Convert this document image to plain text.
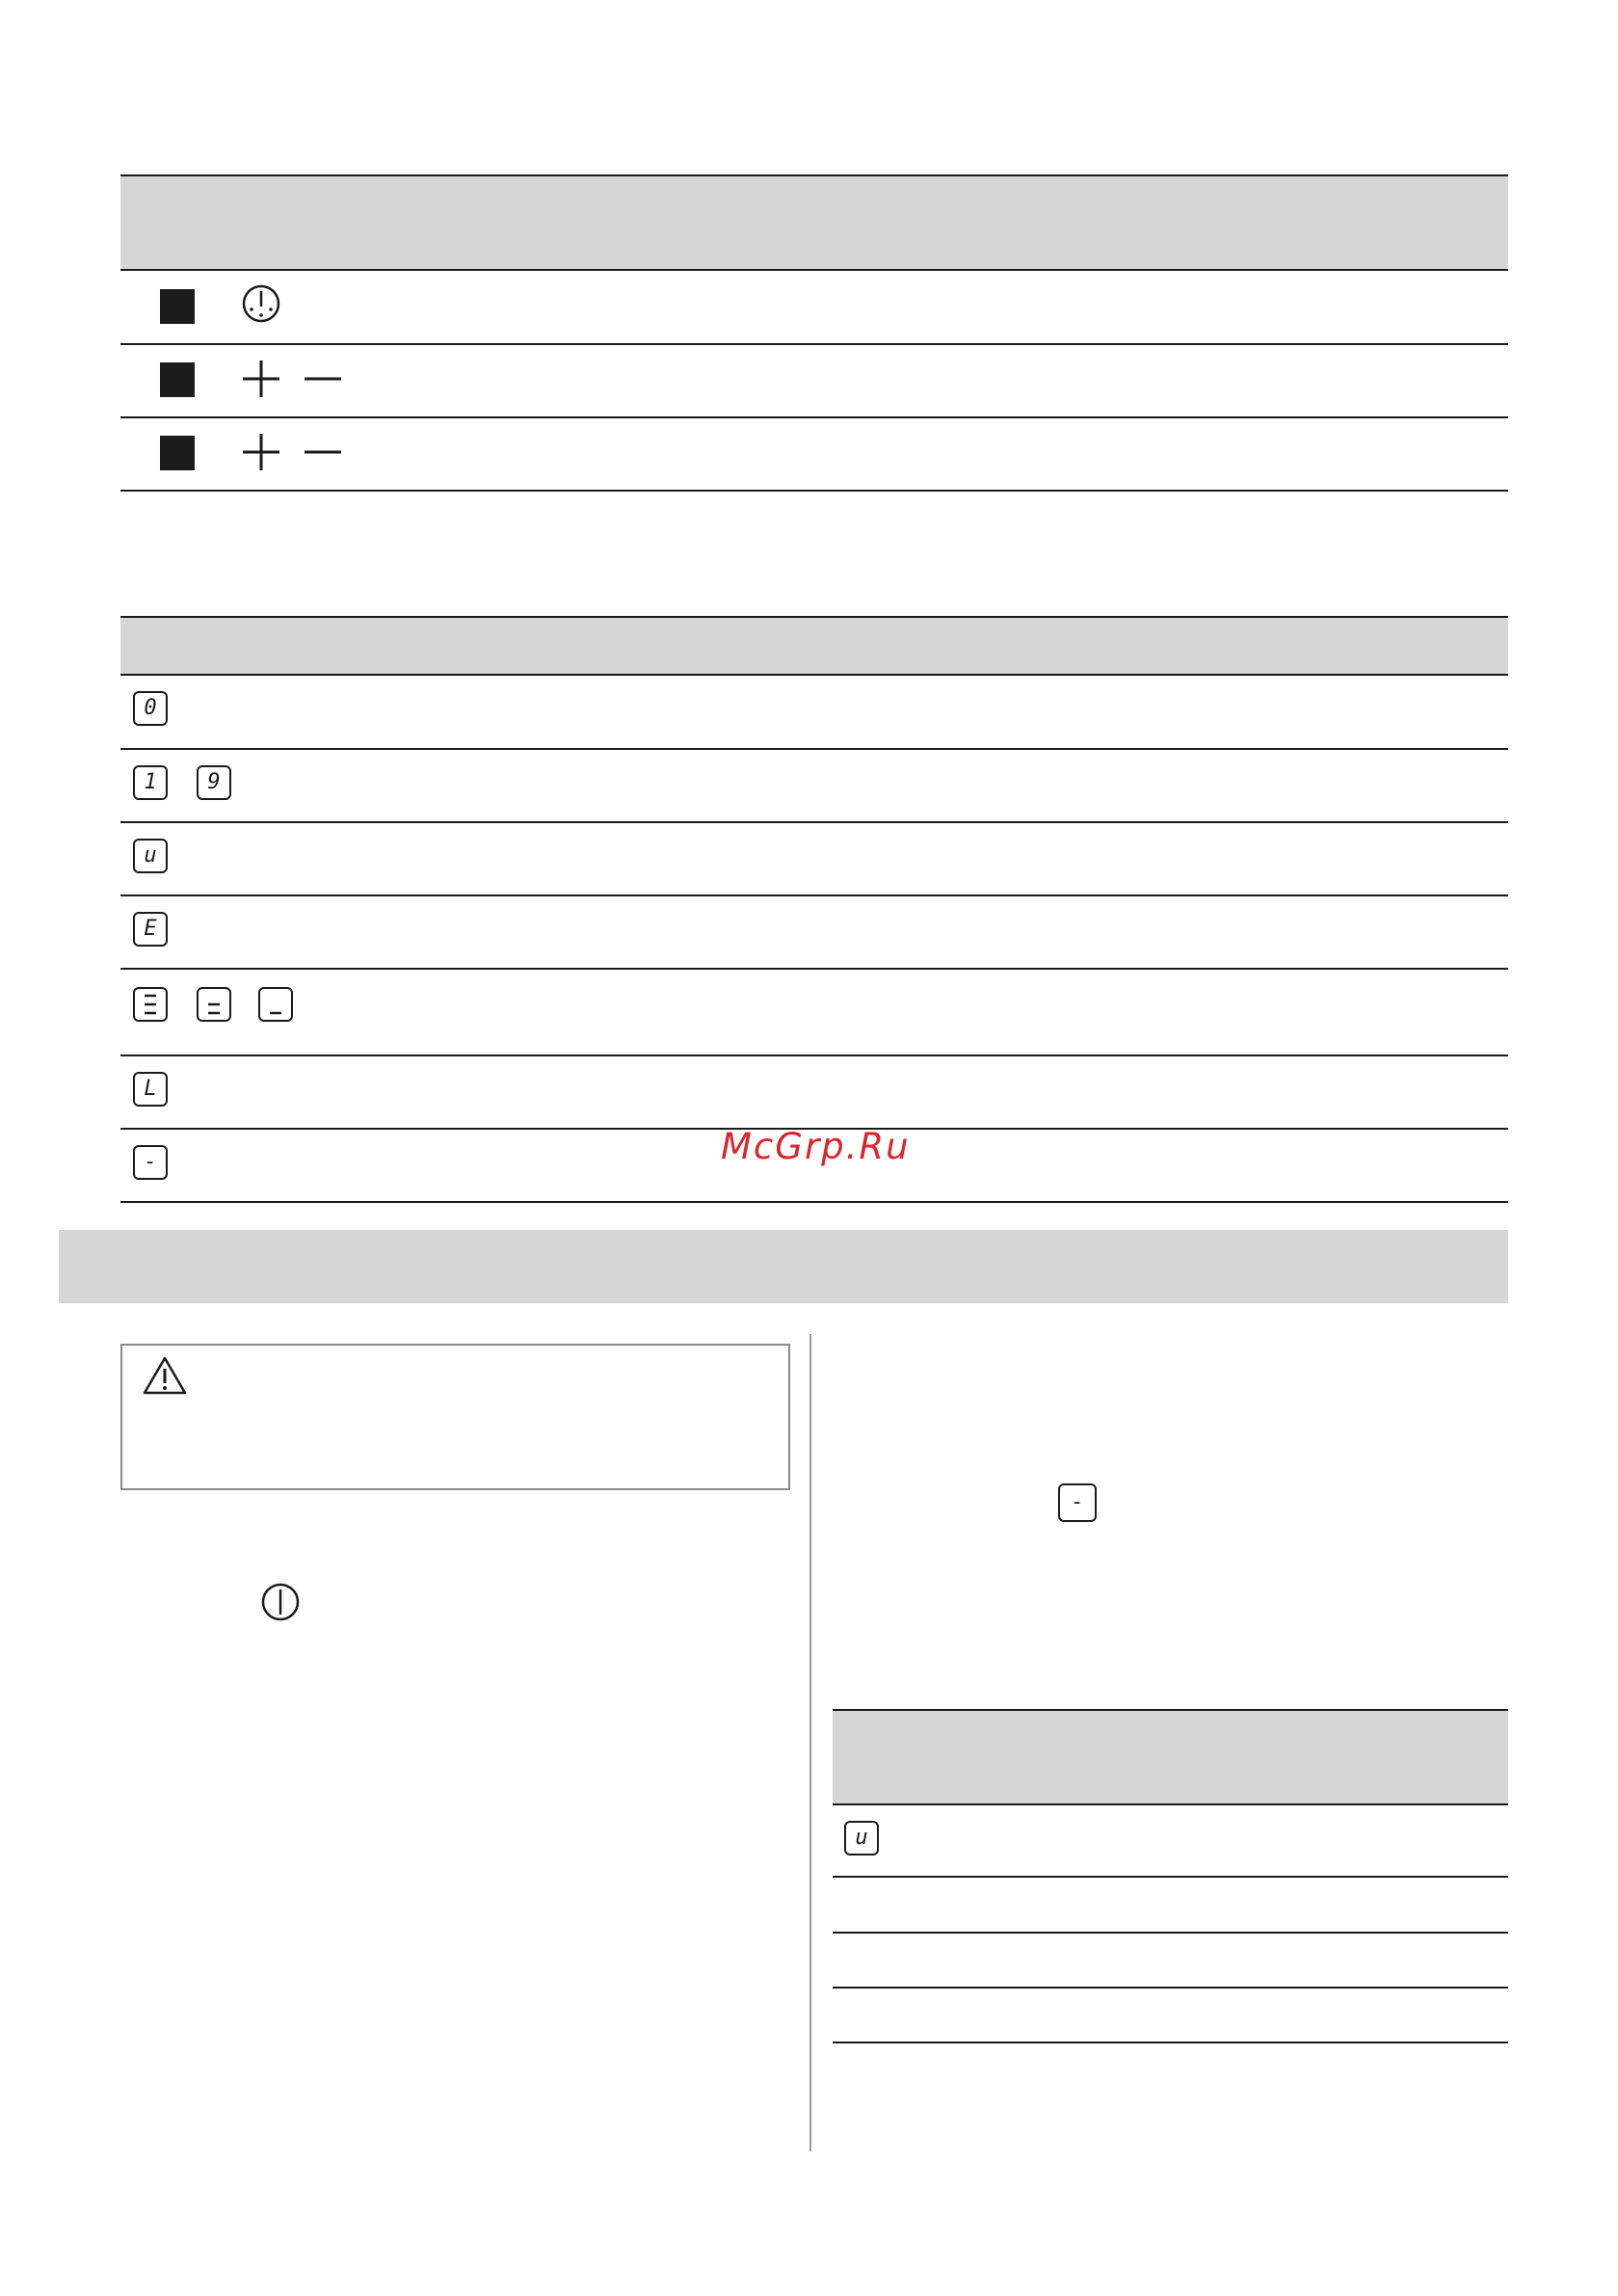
0
1 9
u
E
L
-	McGrp.Ru
-
u
